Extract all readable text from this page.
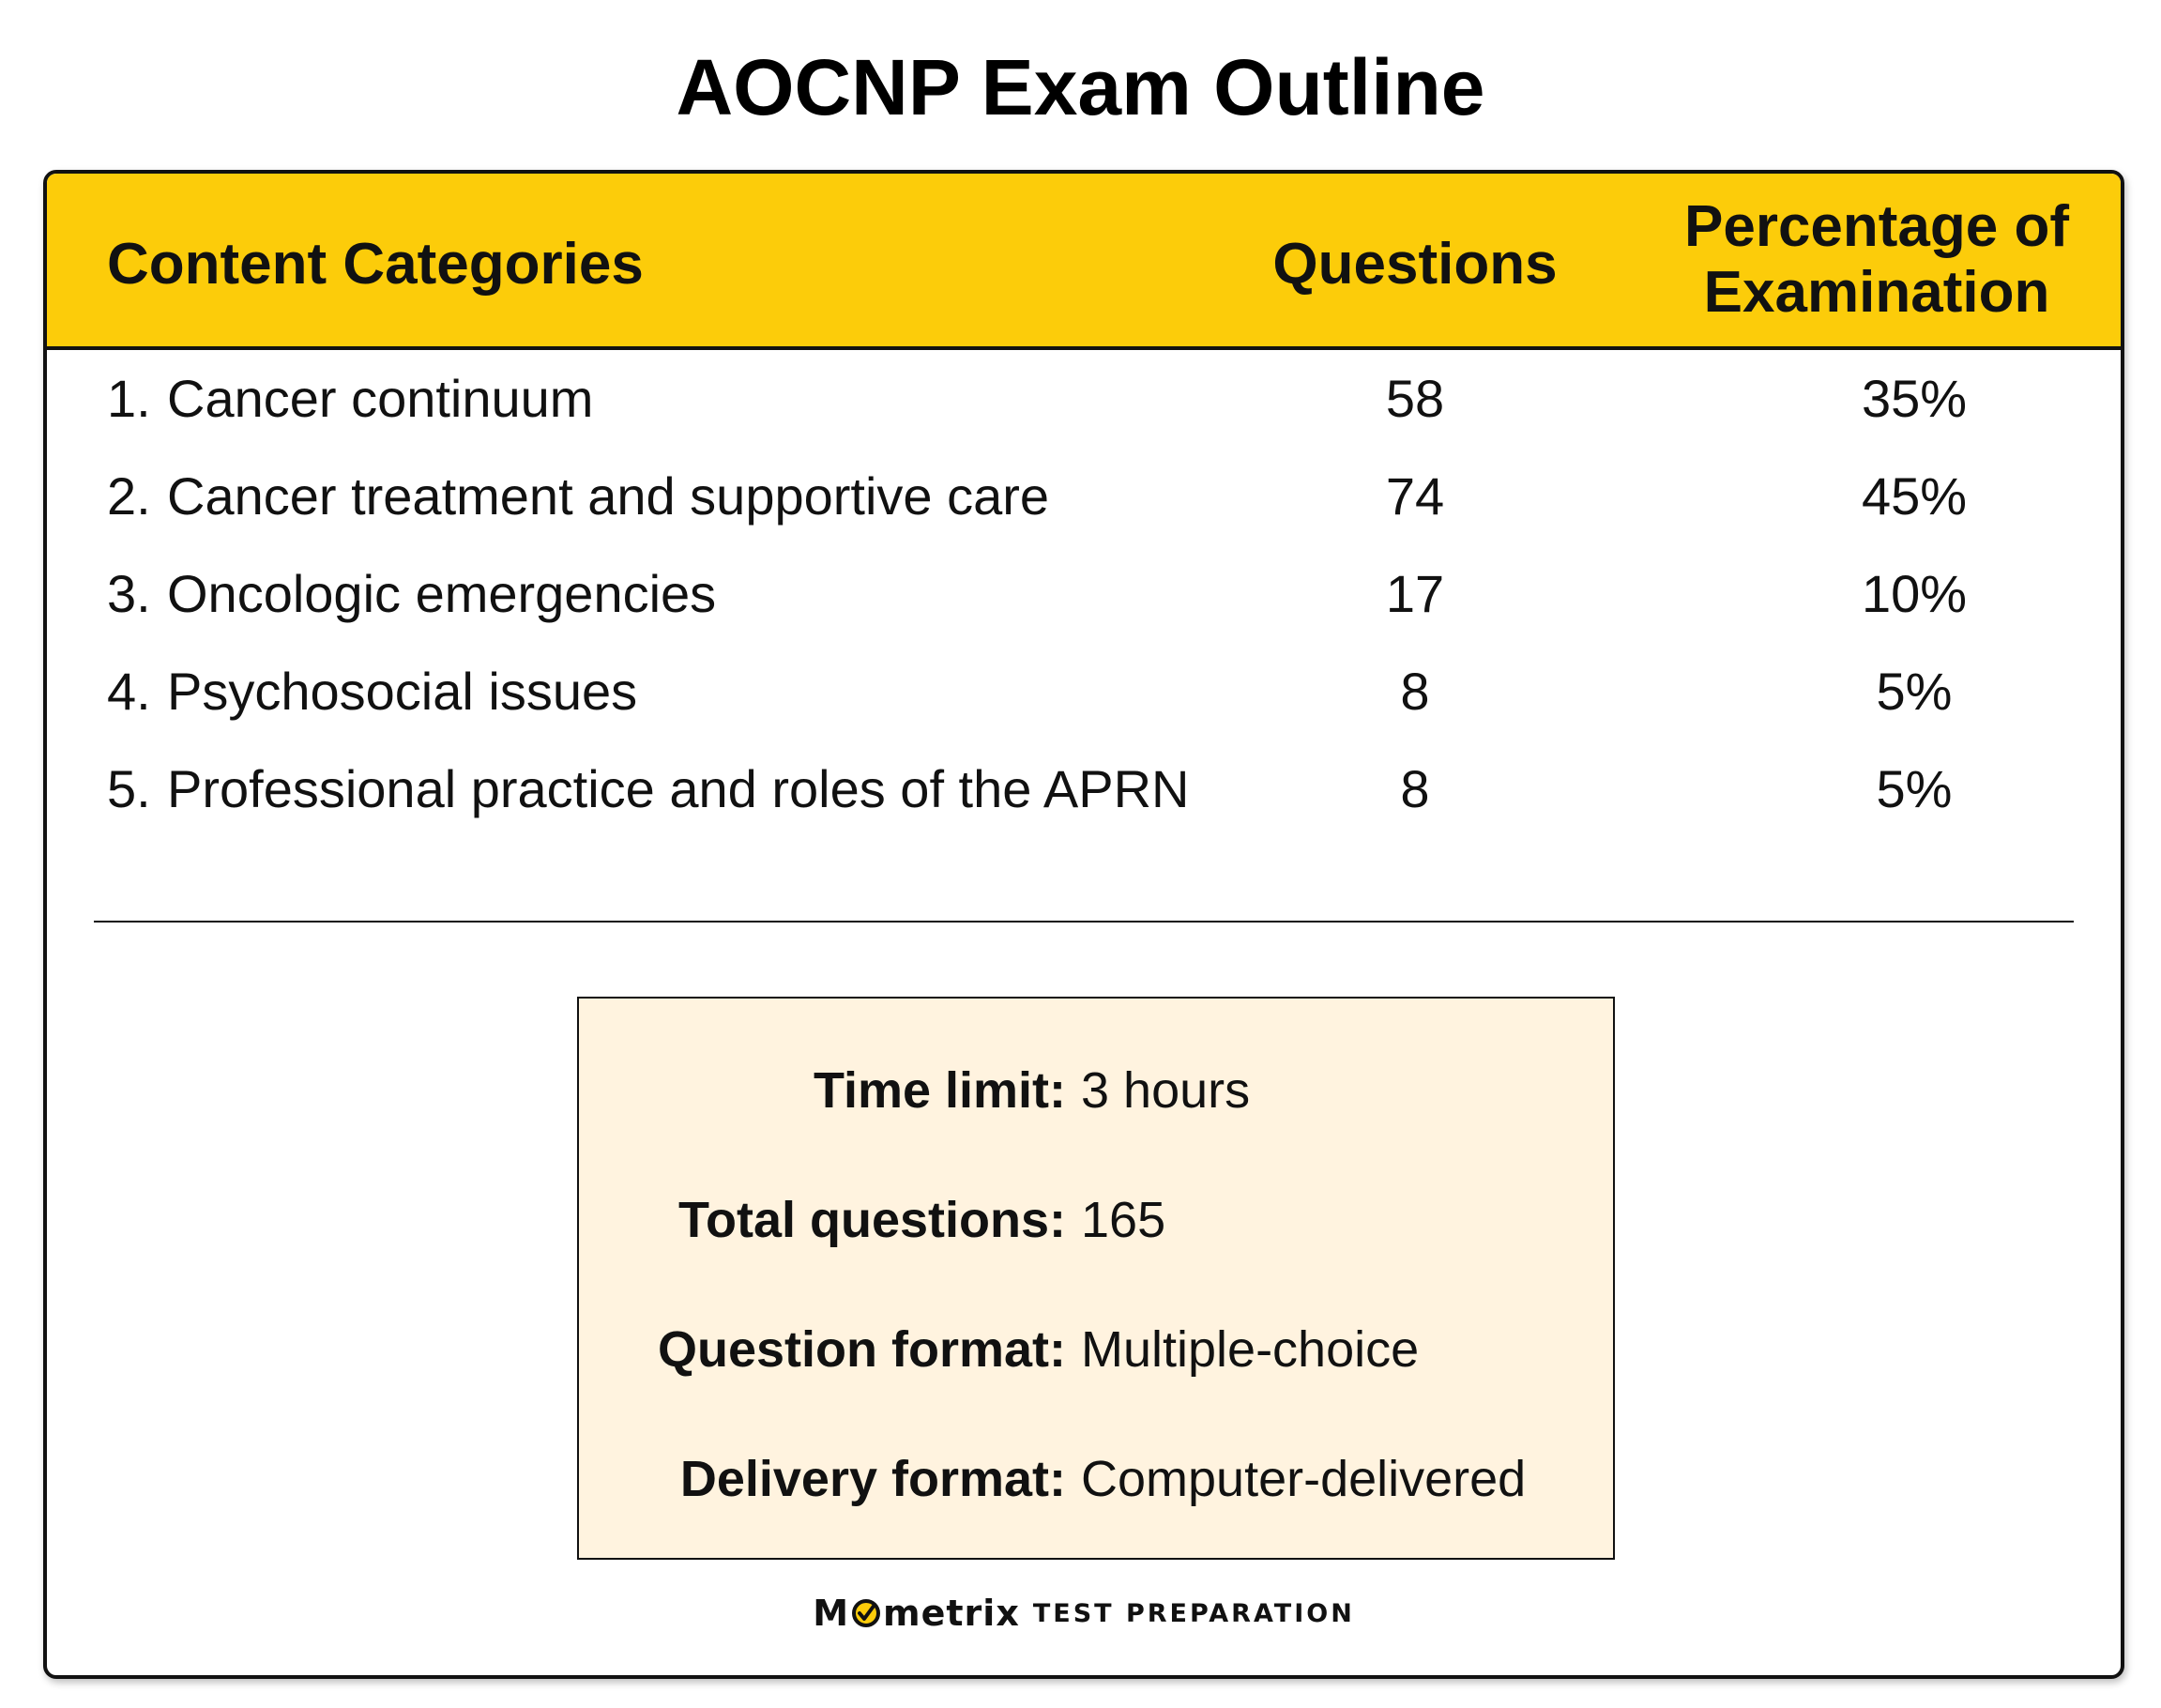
AOCNP Exam Outline
Content Categories	Questions
Percentage of
Examination
1. Cancer continuum	58	35%
2. Cancer treatment and supportive care	74	45%
3. Oncologic emergencies	17	10%
4. Psychosocial issues	8	5%
5. Professional practice and roles of the APRN	8	5%
Time limit: 3 hours
Total questions: 165
Question format: Multiple-choice
Delivery format: Computer-delivered
M metrix TEST PREPARATION
